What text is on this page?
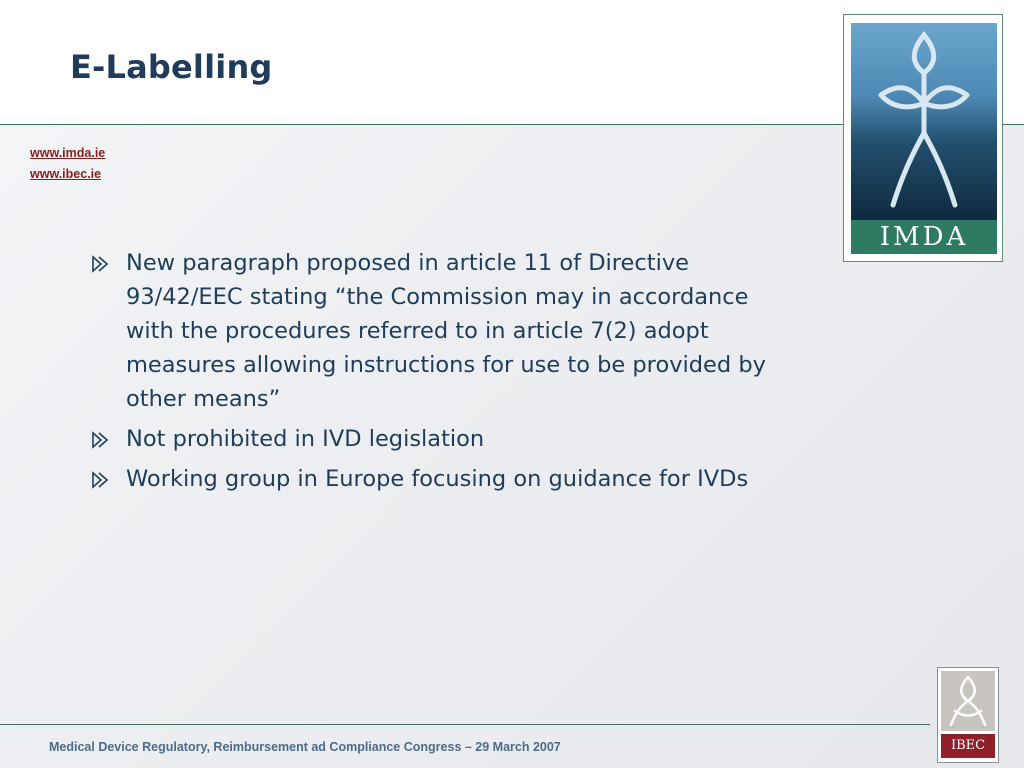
E-Labelling
www.imda.ie
www.ibec.ie
New paragraph proposed in article 11 of Directive 93/42/EEC stating “the Commission may in accordance with the procedures referred to in article 7(2) adopt measures allowing instructions for use to be provided by other means”
Not prohibited in IVD legislation
Working group in Europe focusing on guidance for IVDs
IMDA
Medical Device Regulatory, Reimbursement ad Compliance Congress – 29 March 2007	IBEC
